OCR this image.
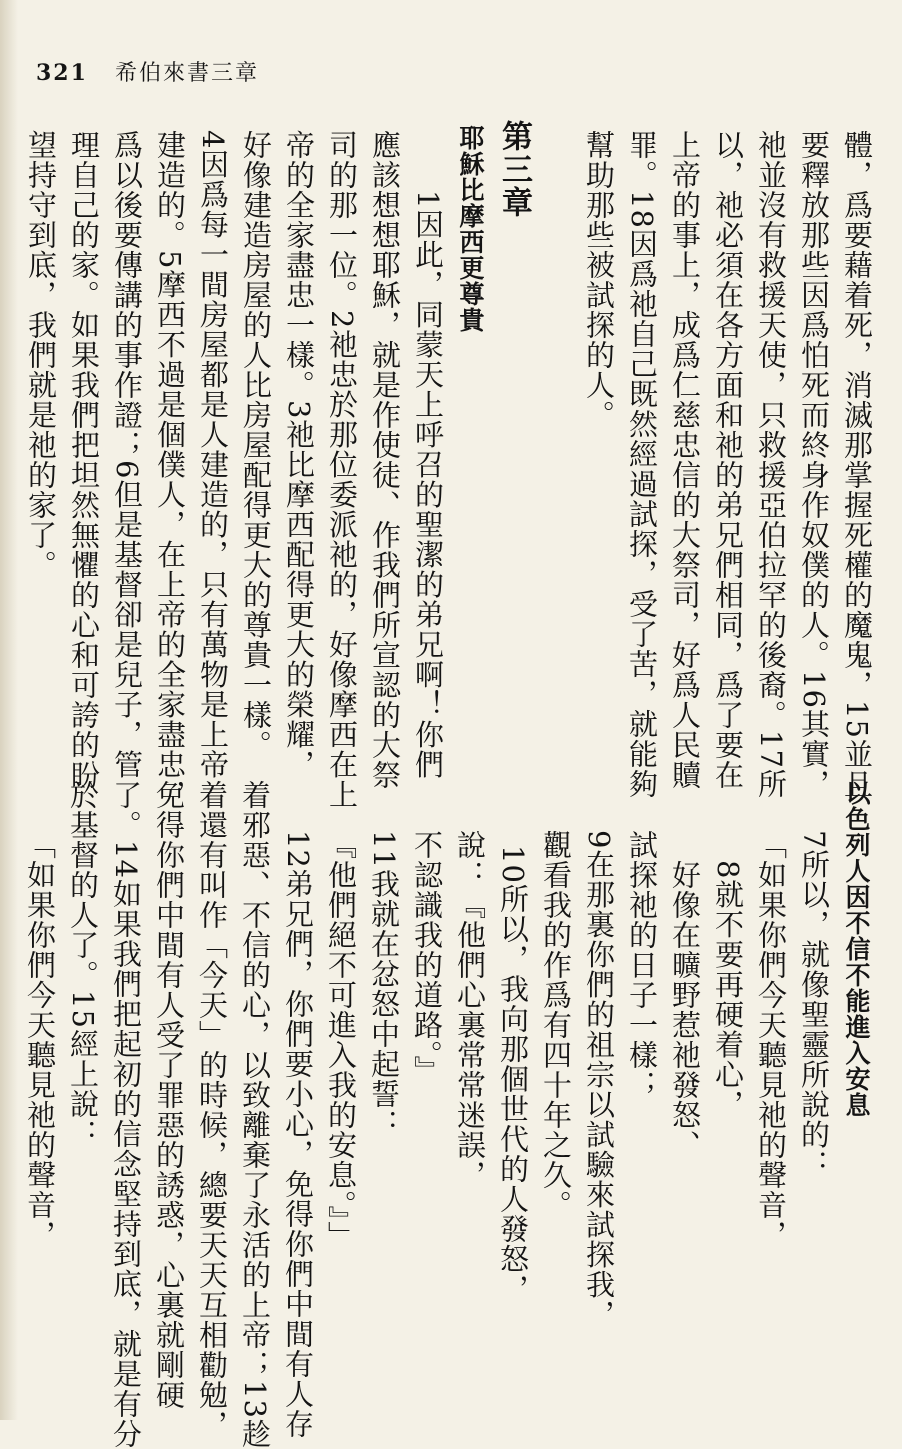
321 希伯來書三章
體，爲要藉着死，消滅那掌握死權的魔鬼，15並且
要釋放那些因爲怕死而終身作奴僕的人。16其實，
祂並沒有救援天使，只救援亞伯拉罕的後裔。17所
以，祂必須在各方面和祂的弟兄們相同，爲了要在
上帝的事上，成爲仁慈忠信的大祭司，好爲人民贖
罪。18因爲祂自己既然經過試探，受了苦，就能夠
幫助那些被試探的人。
第三章
耶穌比摩西更尊貴
1因此，同蒙天上呼召的聖潔的弟兄啊！你們
應該想想耶穌，就是作使徒、作我們所宣認的大祭
司的那一位。2祂忠於那位委派祂的，好像摩西在上
帝的全家盡忠一樣。3祂比摩西配得更大的榮耀，
好像建造房屋的人比房屋配得更大的尊貴一樣。
4因爲每一間房屋都是人建造的，只有萬物是上帝
建造的。5摩西不過是個僕人，在上帝的全家盡忠，
爲以後要傳講的事作證；6但是基督卻是兒子，管
理自己的家。如果我們把坦然無懼的心和可誇的盼
望持守到底，我們就是祂的家了。
以色列人因不信不能進入安息
7所以，就像聖靈所說的：
「如果你們今天聽見祂的聲音，
8就不要再硬着心，
好像在曠野惹祂發怒、
試探祂的日子一樣；
9在那裏你們的祖宗以試驗來試探我，
觀看我的作爲有四十年之久。
10所以，我向那個世代的人發怒，
說：『他們心裏常常迷誤，
不認識我的道路。』
11我就在忿怒中起誓：
『他們絕不可進入我的安息。』」
12弟兄們，你們要小心，免得你們中間有人存
着邪惡、不信的心，以致離棄了永活的上帝；13趁
着還有叫作「今天」的時候，總要天天互相勸勉，
免得你們中間有人受了罪惡的誘惑，心裏就剛硬
了。14如果我們把起初的信念堅持到底，就是有分
於基督的人了。15經上說：
「如果你們今天聽見祂的聲音，
